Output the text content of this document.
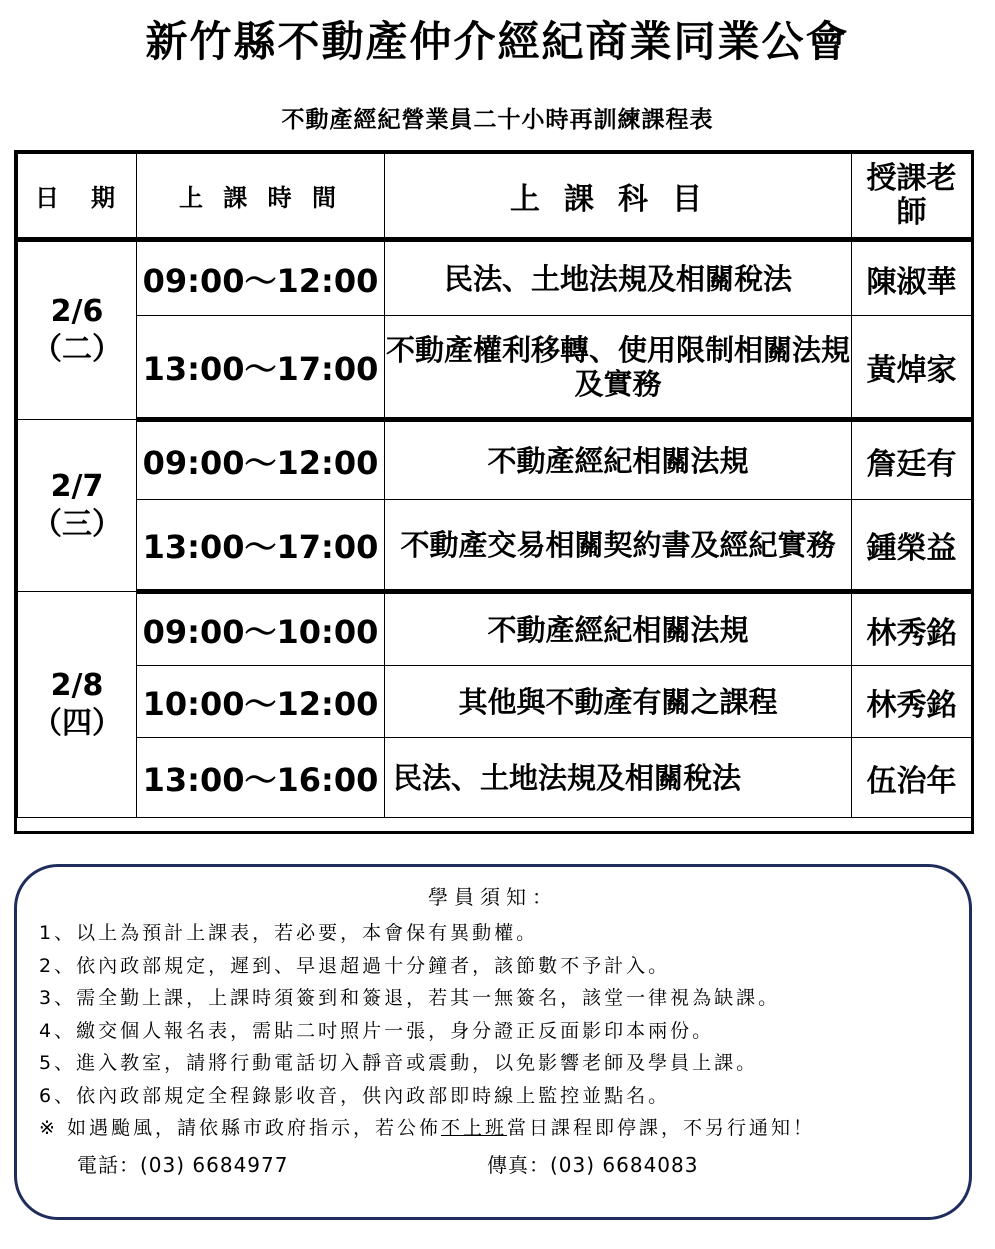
新竹縣不動產仲介經紀商業同業公會
不動產經紀營業員二十小時再訓練課程表
日　期	上 課 時 間	上課科目	授課老師

2/6
（二）	09:00～12:00	民法、土地法規及相關稅法	陳淑華
	13:00～17:00	不動產權利移轉、使用限制相關法規及實務	黃焯家

2/7
（三）	09:00～12:00	不動產經紀相關法規	詹廷有
	13:00～17:00	不動產交易相關契約書及經紀實務	鍾榮益

2/8
（四）	09:00～10:00	不動產經紀相關法規	林秀銘
	10:00～12:00	其他與不動產有關之課程	林秀銘
	13:00～16:00	民法、土地法規及相關稅法	伍治年
學員須知：
1、以上為預計上課表，若必要，本會保有異動權。
2、依內政部規定，遲到、早退超過十分鐘者，該節數不予計入。
3、需全勤上課，上課時須簽到和簽退，若其一無簽名，該堂一律視為缺課。
4、繳交個人報名表，需貼二吋照片一張，身分證正反面影印本兩份。
5、進入教室，請將行動電話切入靜音或震動，以免影響老師及學員上課。
6、依內政部規定全程錄影收音，供內政部即時線上監控並點名。
※ 如遇颱風，請依縣市政府指示，若公佈不上班當日課程即停課，不另行通知！
電話：(03) 6684977	傳真：(03) 6684083
